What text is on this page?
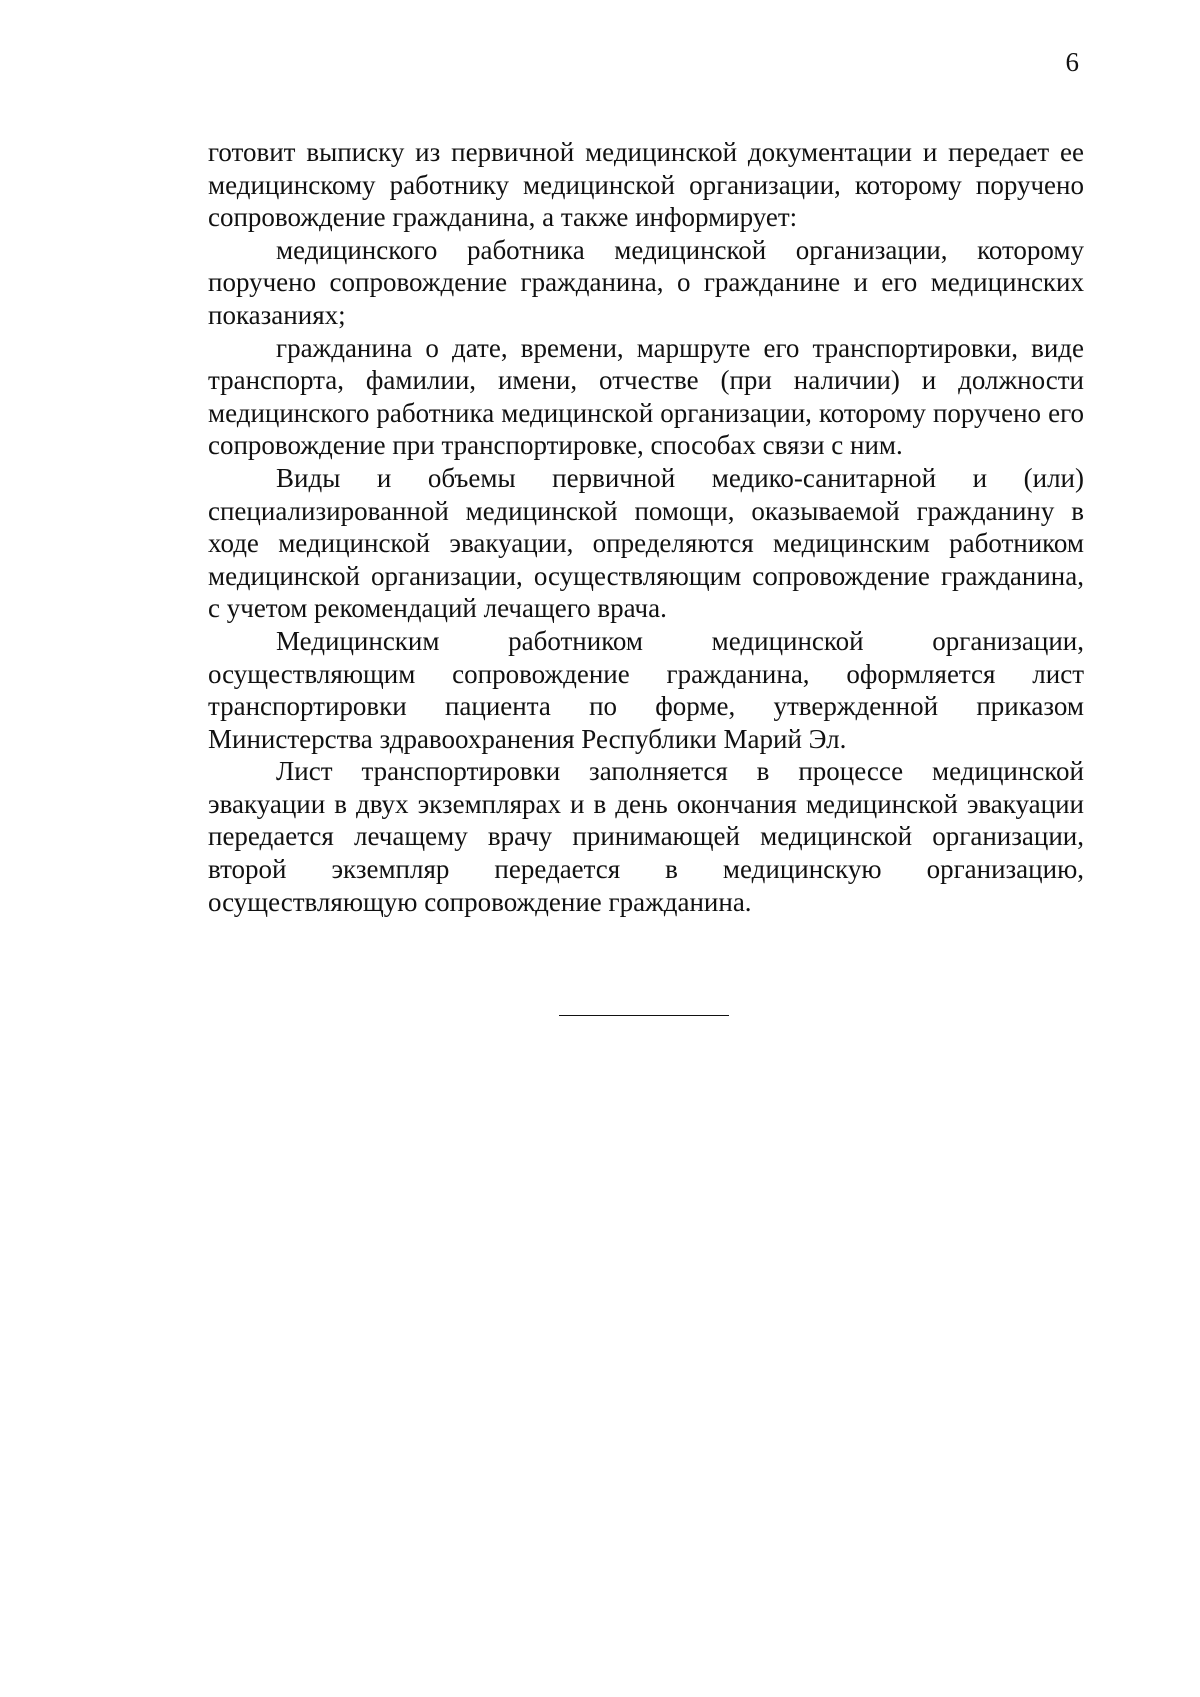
6

готовит выписку из первичной медицинской документации и передает ее медицинскому работнику медицинской организации, которому поручено сопровождение гражданина, а также информирует:

медицинского работника медицинской организации, которому поручено сопровождение гражданина, о гражданине и его медицинских показаниях;

гражданина о дате, времени, маршруте его транспортировки, виде транспорта, фамилии, имени, отчестве (при наличии) и должности медицинского работника медицинской организации, которому поручено его сопровождение при транспортировке, способах связи с ним.

Виды и объемы первичной медико-санитарной и (или) специализированной медицинской помощи, оказываемой гражданину в ходе медицинской эвакуации, определяются медицинским работником медицинской организации, осуществляющим сопровождение гражданина, с учетом рекомендаций лечащего врача.

Медицинским работником медицинской организации, осуществляющим сопровождение гражданина, оформляется лист транспортировки пациента по форме, утвержденной приказом Министерства здравоохранения Республики Марий Эл.

Лист транспортировки заполняется в процессе медицинской эвакуации в двух экземплярах и в день окончания медицинской эвакуации передается лечащему врачу принимающей медицинской организации, второй экземпляр передается в медицинскую организацию, осуществляющую сопровождение гражданина.
